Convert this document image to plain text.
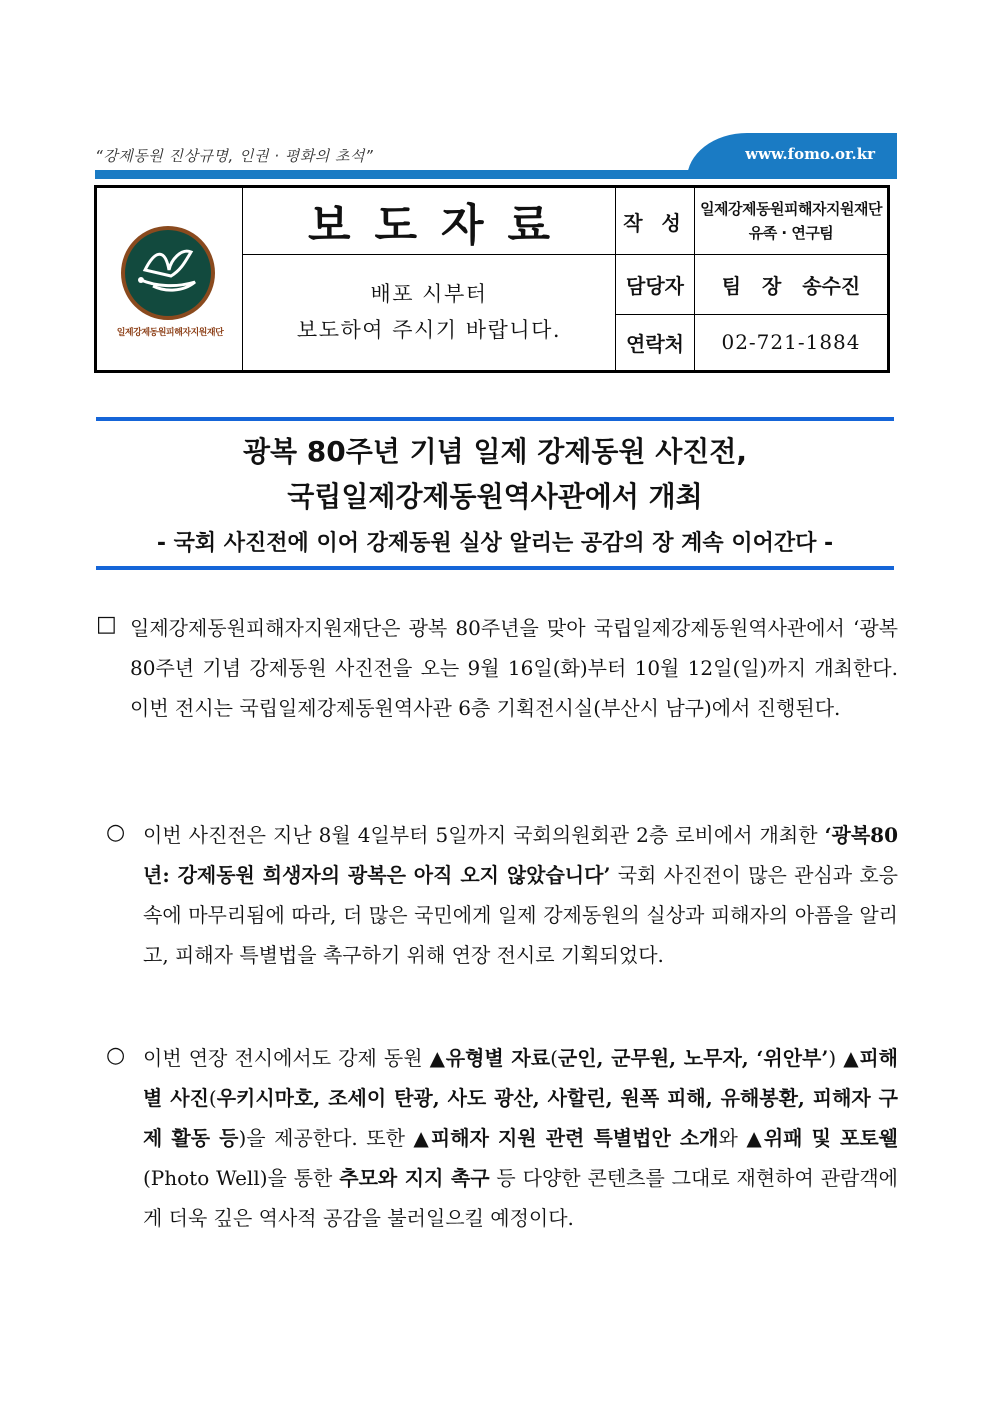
www.fomo.or.kr
“강제동원 진상규명, 인권 · 평화의 초석”
일제강제동원피해자지원재단
보도자료
배포 시부터
보도하여 주시기 바랍니다.
작 성
담당자
연락처
일제강제동원피해자지원재단
유족 · 연구팀
팀   장   송수진
02-721-1884
광복 80주년 기념 일제 강제동원 사진전,
국립일제강제동원역사관에서 개최
- 국회 사진전에 이어 강제동원 실상 알리는 공감의 장 계속 이어간다 -
□ 일제강제동원피해자지원재단은 광복 80주년을 맞아 국립일제강제동원역사관에서 ‘광복 80주년 기념 강제동원 사진전을 오는 9월 16일(화)부터 10월 12일(일)까지 개최한다. 이번 전시는 국립일제강제동원역사관 6층 기획전시실(부산시 남구)에서 진행된다.
○ 이번 사진전은 지난 8월 4일부터 5일까지 국회의원회관 2층 로비에서 개최한 ‘광복80년: 강제동원 희생자의 광복은 아직 오지 않았습니다’ 국회 사진전이 많은 관심과 호응 속에 마무리됨에 따라, 더 많은 국민에게 일제 강제동원의 실상과 피해자의 아픔을 알리고, 피해자 특별법을 촉구하기 위해 연장 전시로 기획되었다.
○ 이번 연장 전시에서도 강제 동원 ▲유형별 자료(군인, 군무원, 노무자, ‘위안부’) ▲피해별 사진(우키시마호, 조세이 탄광, 사도 광산, 사할린, 원폭 피해, 유해봉환, 피해자 구제 활동 등)을 제공한다. 또한 ▲피해자 지원 관련 특별법안 소개와 ▲위패 및 포토웰(Photo Well)을 통한 추모와 지지 촉구 등 다양한 콘텐츠를 그대로 재현하여 관람객에게 더욱 깊은 역사적 공감을 불러일으킬 예정이다.
